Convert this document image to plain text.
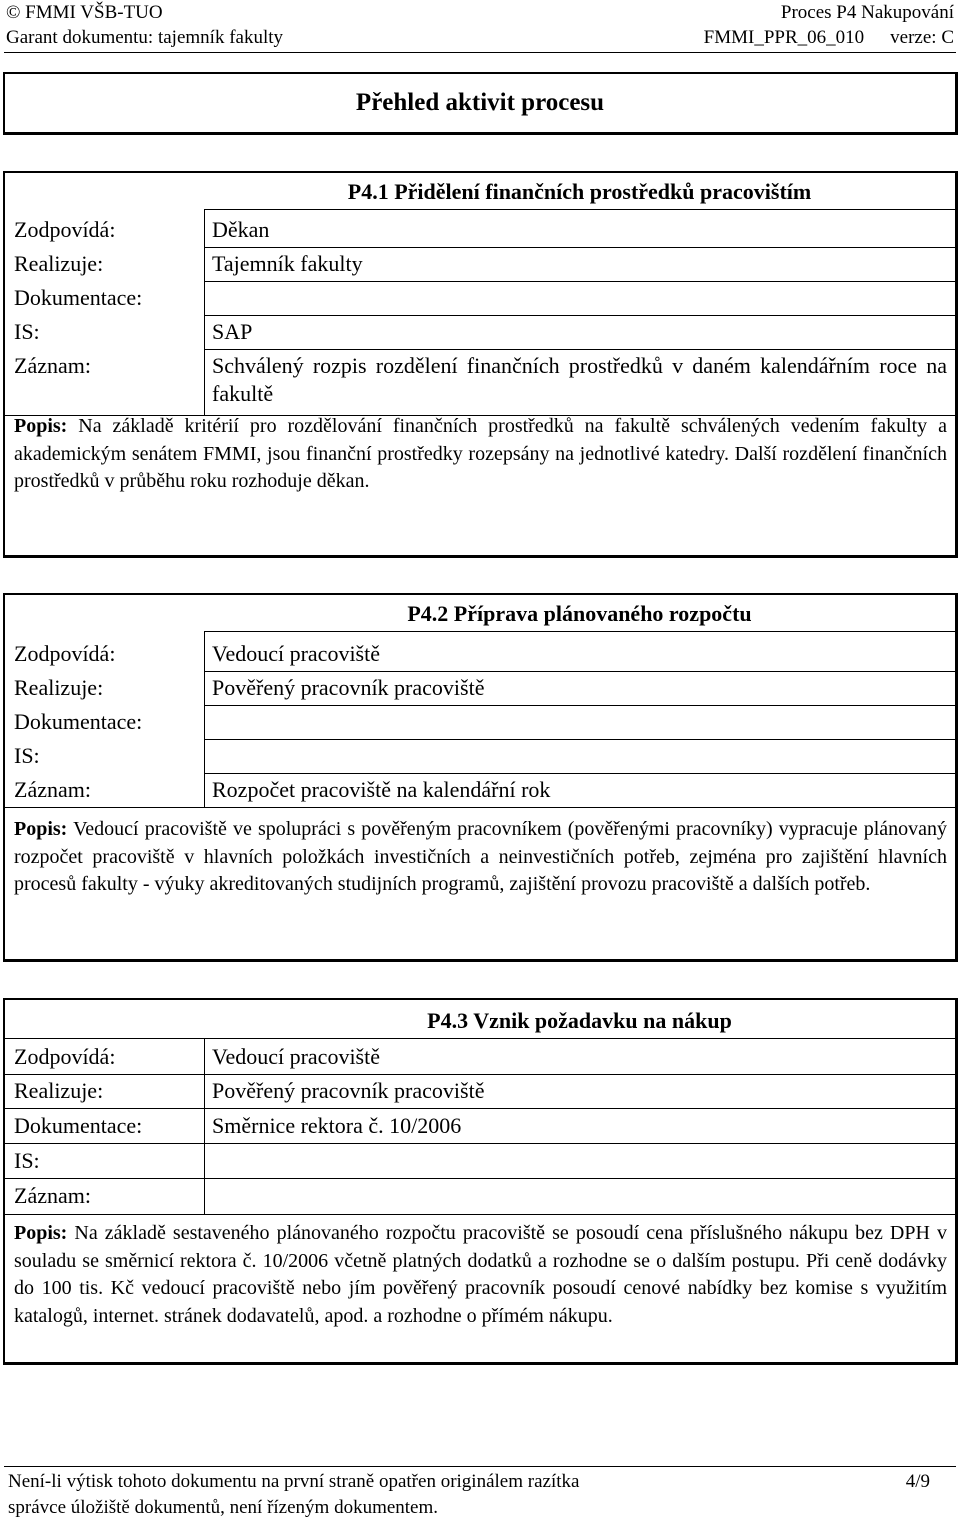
© FMMI VŠB-TUO	Proces P4 Nakupování
Garant dokumentu: tajemník fakulty	FMMI_PPR_06_010 verze: C
Přehled aktivit procesu
P4.1 Přidělení finančních prostředků pracovištím
Zodpovídá:	Děkan
Realizuje:	Tajemník fakulty
Dokumentace:
IS:	SAP
Záznam:	Schválený rozpis rozdělení finančních prostředků v daném kalendářním roce na fakultě
Popis: Na základě kritérií pro rozdělování finančních prostředků na fakultě schválených vedením fakulty a akademickým senátem FMMI, jsou finanční prostředky rozepsány na jednotlivé katedry. Další rozdělení finančních prostředků v průběhu roku rozhoduje děkan.
P4.2 Příprava plánovaného rozpočtu
Zodpovídá:	Vedoucí pracoviště
Realizuje:	Pověřený pracovník pracoviště
Dokumentace:
IS:
Záznam:	Rozpočet pracoviště na kalendářní rok
Popis: Vedoucí pracoviště ve spolupráci s pověřeným pracovníkem (pověřenými pracovníky) vypracuje plánovaný rozpočet pracoviště v hlavních položkách investičních a neinvestičních potřeb, zejména pro zajištění hlavních procesů fakulty - výuky akreditovaných studijních programů, zajištění provozu pracoviště a dalších potřeb.
P4.3 Vznik požadavku na nákup
Zodpovídá:	Vedoucí pracoviště
Realizuje:	Pověřený pracovník pracoviště
Dokumentace:	Směrnice rektora č. 10/2006
IS:
Záznam:
Popis: Na základě sestaveného plánovaného rozpočtu pracoviště se posoudí cena příslušného nákupu bez DPH v souladu se směrnicí rektora č. 10/2006 včetně platných dodatků a rozhodne se o dalším postupu. Při ceně dodávky do 100 tis. Kč vedoucí pracoviště nebo jím pověřený pracovník posoudí cenové nabídky bez komise s využitím katalogů, internet. stránek dodavatelů, apod. a rozhodne o přímém nákupu.
Není-li výtisk tohoto dokumentu na první straně opatřen originálem razítka
správce úložiště dokumentů, není řízeným dokumentem.
4/9
